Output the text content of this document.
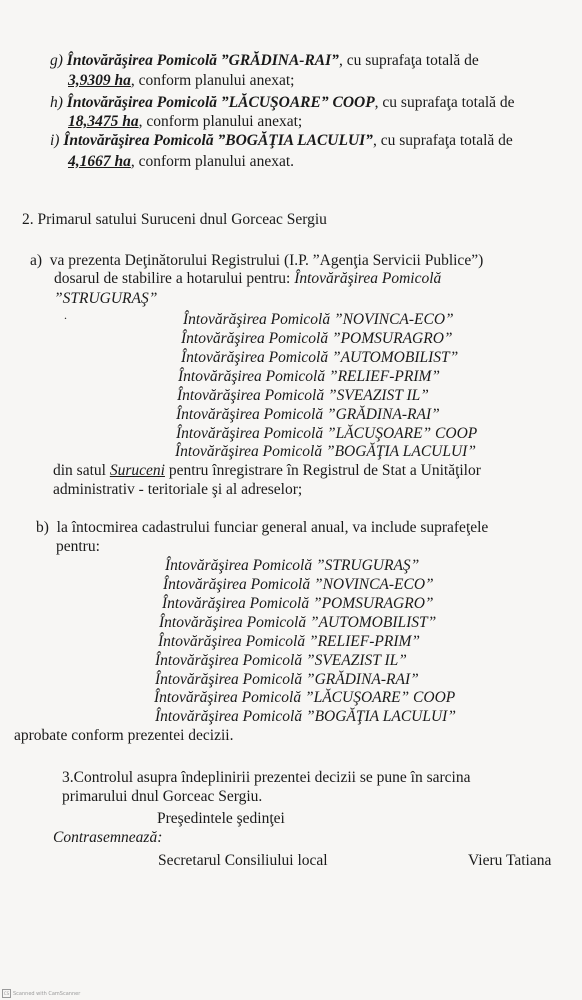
g) Întovărăşirea Pomicolă ”GRĂDINA-RAI”, cu suprafaţa totală de
3,9309 ha, conform planului anexat;
h) Întovărăşirea Pomicolă ”LĂCUŞOARE” COOP, cu suprafaţa totală de
18,3475 ha, conform planului anexat;
i) Întovărăşirea Pomicolă ”BOGĂŢIA LACULUI”, cu suprafaţa totală de
4,1667 ha, conform planului anexat.
2. Primarul satului Suruceni dnul Gorceac Sergiu
a) va prezenta Deţinătorului Registrului (I.P. ”Agenţia Servicii Publice”)
dosarul de stabilire a hotarului pentru: Întovărăşirea Pomicolă
”STRUGURAŞ”
.	Întovărăşirea Pomicolă ”NOVINCA-ECO”
Întovărăşirea Pomicolă ”POMSURAGRO”
Întovărăşirea Pomicolă ”AUTOMOBILIST”
Întovărăşirea Pomicolă ”RELIEF-PRIM”
Întovărăşirea Pomicolă ”SVEAZIST IL”
Întovărăşirea Pomicolă ”GRĂDINA-RAI”
Întovărăşirea Pomicolă ”LĂCUŞOARE” COOP
Întovărăşirea Pomicolă ”BOGĂŢIA LACULUI”
din satul Suruceni pentru înregistrare în Registrul de Stat a Unităţilor
administrativ - teritoriale şi al adreselor;
b) la întocmirea cadastrului funciar general anual, va include suprafeţele
pentru:
Întovărăşirea Pomicolă ”STRUGURAŞ”
Întovărăşirea Pomicolă ”NOVINCA-ECO”
Întovărăşirea Pomicolă ”POMSURAGRO”
Întovărăşirea Pomicolă ”AUTOMOBILIST”
Întovărăşirea Pomicolă ”RELIEF-PRIM”
Întovărăşirea Pomicolă ”SVEAZIST IL”
Întovărăşirea Pomicolă ”GRĂDINA-RAI”
Întovărăşirea Pomicolă ”LĂCUŞOARE” COOP
Întovărăşirea Pomicolă ”BOGĂŢIA LACULUI”
aprobate conform prezentei decizii.
3.Controlul asupra îndeplinirii prezentei decizii se pune în sarcina
primarului dnul Gorceac Sergiu.
Preşedintele şedinţei
Contrasemnează:
Secretarul Consiliului local	Vieru Tatiana
CS Scanned with CamScanner
